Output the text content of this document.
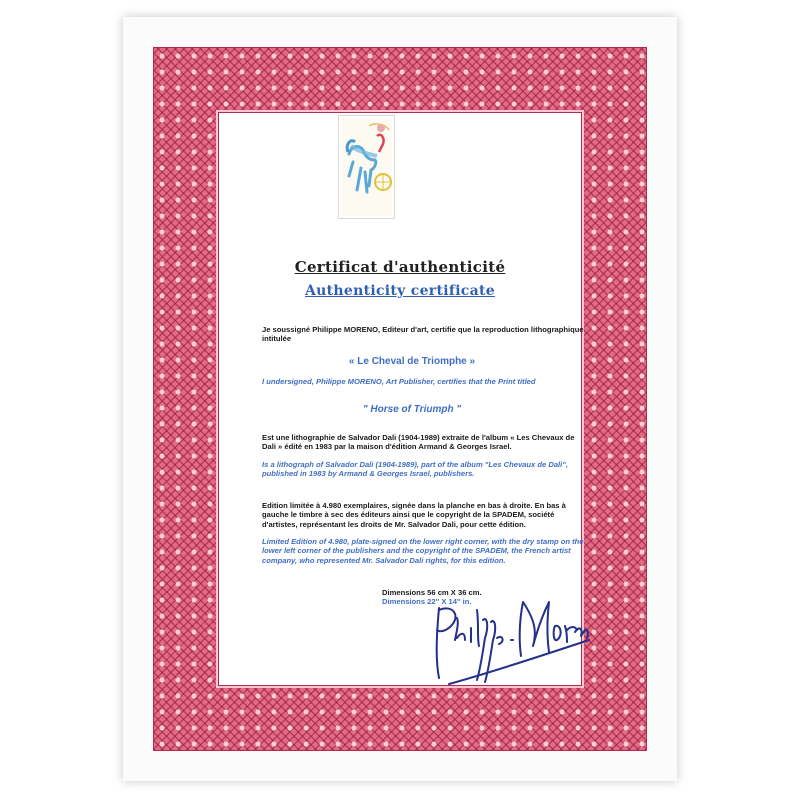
Certificat d'authenticité
Authenticity certificate
Je soussigné Philippe MORENO, Editeur d'art, certifie que la reproduction lithographique intitulée
« Le Cheval de Triomphe »
I undersigned, Philippe MORENO, Art Publisher, certifies that the Print titled
" Horse of Triumph "
Est une lithographie de Salvador Dali (1904-1989) extraite de l'album « Les Chevaux de Dali » édité en 1983 par la maison d'édition Armand & Georges Israel.
Is a lithograph of Salvador Dali (1904-1989), part of the album "Les Chevaux de Dali", published in 1983 by Armand & Georges Israel, publishers.
Edition limitée à 4.980 exemplaires, signée dans la planche en bas à droite. En bas à gauche le timbre à sec des éditeurs ainsi que le copyright de la SPADEM, société d'artistes, représentant les droits de Mr. Salvador Dali, pour cette édition.
Limited Edition of 4.980, plate-signed on the lower right corner, with the dry stamp on the lower left corner of the publishers and the copyright of the SPADEM, the French artist company, who represented Mr. Salvador Dali rights, for this edition.
Dimensions 56 cm X 36 cm.
Dimensions 22'' X 14'' in.
